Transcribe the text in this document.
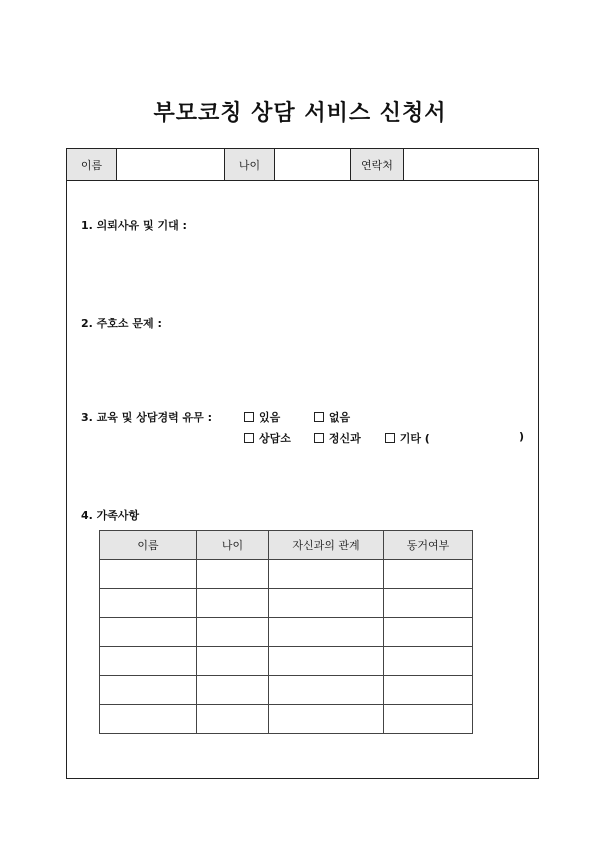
부모코칭 상담 서비스 신청서
이름	나이	연락처
1. 의뢰사유 및 기대 :
2. 주호소 문제 :
3. 교육 및 상담경력 유무 :	있음	없음
상담소	정신과	기타 (	)
4. 가족사항
이름	나이	자신과의 관계	동거여부
